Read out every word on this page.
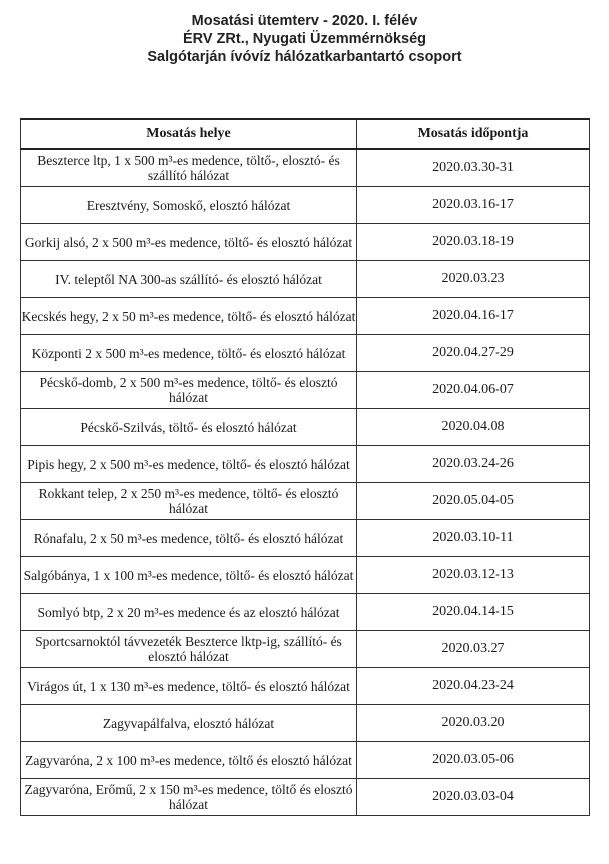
Mosatási ütemterv - 2020. I. félév
ÉRV ZRt., Nyugati Üzemmérnökség
Salgótarján ívóvíz hálózatkarbantartó csoport
Mosatás helye	Mosatás időpontja
Beszterce ltp, 1 x 500 m³-es medence, töltő-, elosztó- és szállító hálózat	2020.03.30-31
Eresztvény, Somoskő, elosztó hálózat	2020.03.16-17
Gorkij alsó, 2 x 500 m³-es medence, töltő- és elosztó hálózat	2020.03.18-19
IV. teleptől NA 300-as szállító- és elosztó hálózat	2020.03.23
Kecskés hegy, 2 x 50 m³-es medence, töltő- és elosztó hálózat	2020.04.16-17
Központi 2 x 500 m³-es medence, töltő- és elosztó hálózat	2020.04.27-29
Pécskő-domb, 2 x 500 m³-es medence, töltő- és elosztó hálózat	2020.04.06-07
Pécskő-Szilvás, töltő- és elosztó hálózat	2020.04.08
Pipis hegy, 2 x 500 m³-es medence, töltő- és elosztó hálózat	2020.03.24-26
Rokkant telep, 2 x 250 m³-es medence, töltő- és elosztó hálózat	2020.05.04-05
Rónafalu, 2 x 50 m³-es medence, töltő- és elosztó hálózat	2020.03.10-11
Salgóbánya, 1 x 100 m³-es medence, töltő- és elosztó hálózat	2020.03.12-13
Somlyó btp, 2 x 20 m³-es medence és az elosztó hálózat	2020.04.14-15
Sportcsarnoktól távvezeték Beszterce lktp-ig, szállító- és elosztó hálózat	2020.03.27
Virágos út, 1 x 130 m³-es medence, töltő- és elosztó hálózat	2020.04.23-24
Zagyvapálfalva, elosztó hálózat	2020.03.20
Zagyvaróna, 2 x 100 m³-es medence, töltő és elosztó hálózat	2020.03.05-06
Zagyvaróna, Erőmű, 2 x 150 m³-es medence, töltő és elosztó hálózat	2020.03.03-04
